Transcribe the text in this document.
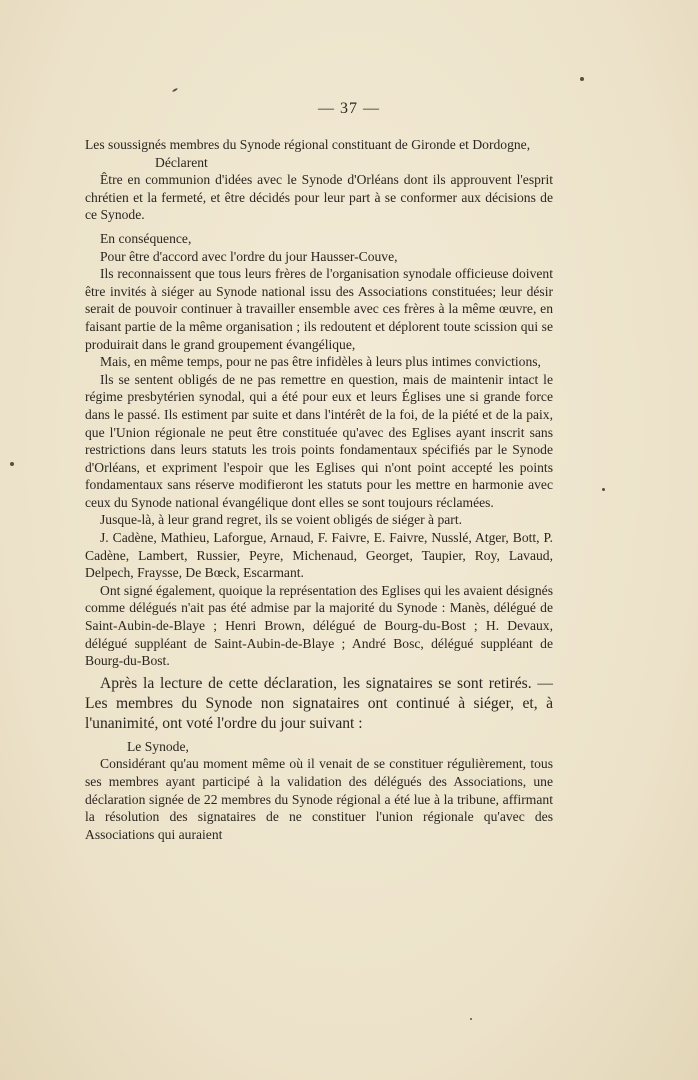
— 37 —

Les soussignés membres du Synode régional constituant de Gironde et Dordogne,

Déclarent

Être en communion d'idées avec le Synode d'Orléans dont ils approuvent l'esprit chrétien et la fermeté, et être décidés pour leur part à se conformer aux décisions de ce Synode.

En conséquence,

Pour être d'accord avec l'ordre du jour Hausser-Couve,

Ils reconnaissent que tous leurs frères de l'organisation synodale officieuse doivent être invités à siéger au Synode national issu des Associations constituées; leur désir serait de pouvoir continuer à travailler ensemble avec ces frères à la même œuvre, en faisant partie de la même organisation ; ils redoutent et déplorent toute scission qui se produirait dans le grand groupement évangélique,

Mais, en même temps, pour ne pas être infidèles à leurs plus intimes convictions,

Ils se sentent obligés de ne pas remettre en question, mais de maintenir intact le régime presbytérien synodal, qui a été pour eux et leurs Églises une si grande force dans le passé. Ils estiment par suite et dans l'intérêt de la foi, de la piété et de la paix, que l'Union régionale ne peut être constituée qu'avec des Eglises ayant inscrit sans restrictions dans leurs statuts les trois points fondamentaux spécifiés par le Synode d'Orléans, et expriment l'espoir que les Eglises qui n'ont point accepté les points fondamentaux sans réserve modifieront les statuts pour les mettre en harmonie avec ceux du Synode national évangélique dont elles se sont toujours réclamées.

Jusque-là, à leur grand regret, ils se voient obligés de siéger à part.

J. Cadène, Mathieu, Laforgue, Arnaud, F. Faivre, E. Faivre, Nusslé, Atger, Bott, P. Cadène, Lambert, Russier, Peyre, Michenaud, Georget, Taupier, Roy, Lavaud, Delpech, Fraysse, De Bœck, Escarmant.

Ont signé également, quoique la représentation des Eglises qui les avaient désignés comme délégués n'ait pas été admise par la majorité du Synode : Manès, délégué de Saint-Aubin-de-Blaye ; Henri Brown, délégué de Bourg-du-Bost ; H. Devaux, délégué suppléant de Saint-Aubin-de-Blaye ; André Bosc, délégué suppléant de Bourg-du-Bost.

Après la lecture de cette déclaration, les signataires se sont retirés. — Les membres du Synode non signataires ont continué à siéger, et, à l'unanimité, ont voté l'ordre du jour suivant :

Le Synode,

Considérant qu'au moment même où il venait de se constituer régulièrement, tous ses membres ayant participé à la validation des délégués des Associations, une déclaration signée de 22 membres du Synode régional a été lue à la tribune, affirmant la résolution des signataires de ne constituer l'union régionale qu'avec des Associations qui auraient
